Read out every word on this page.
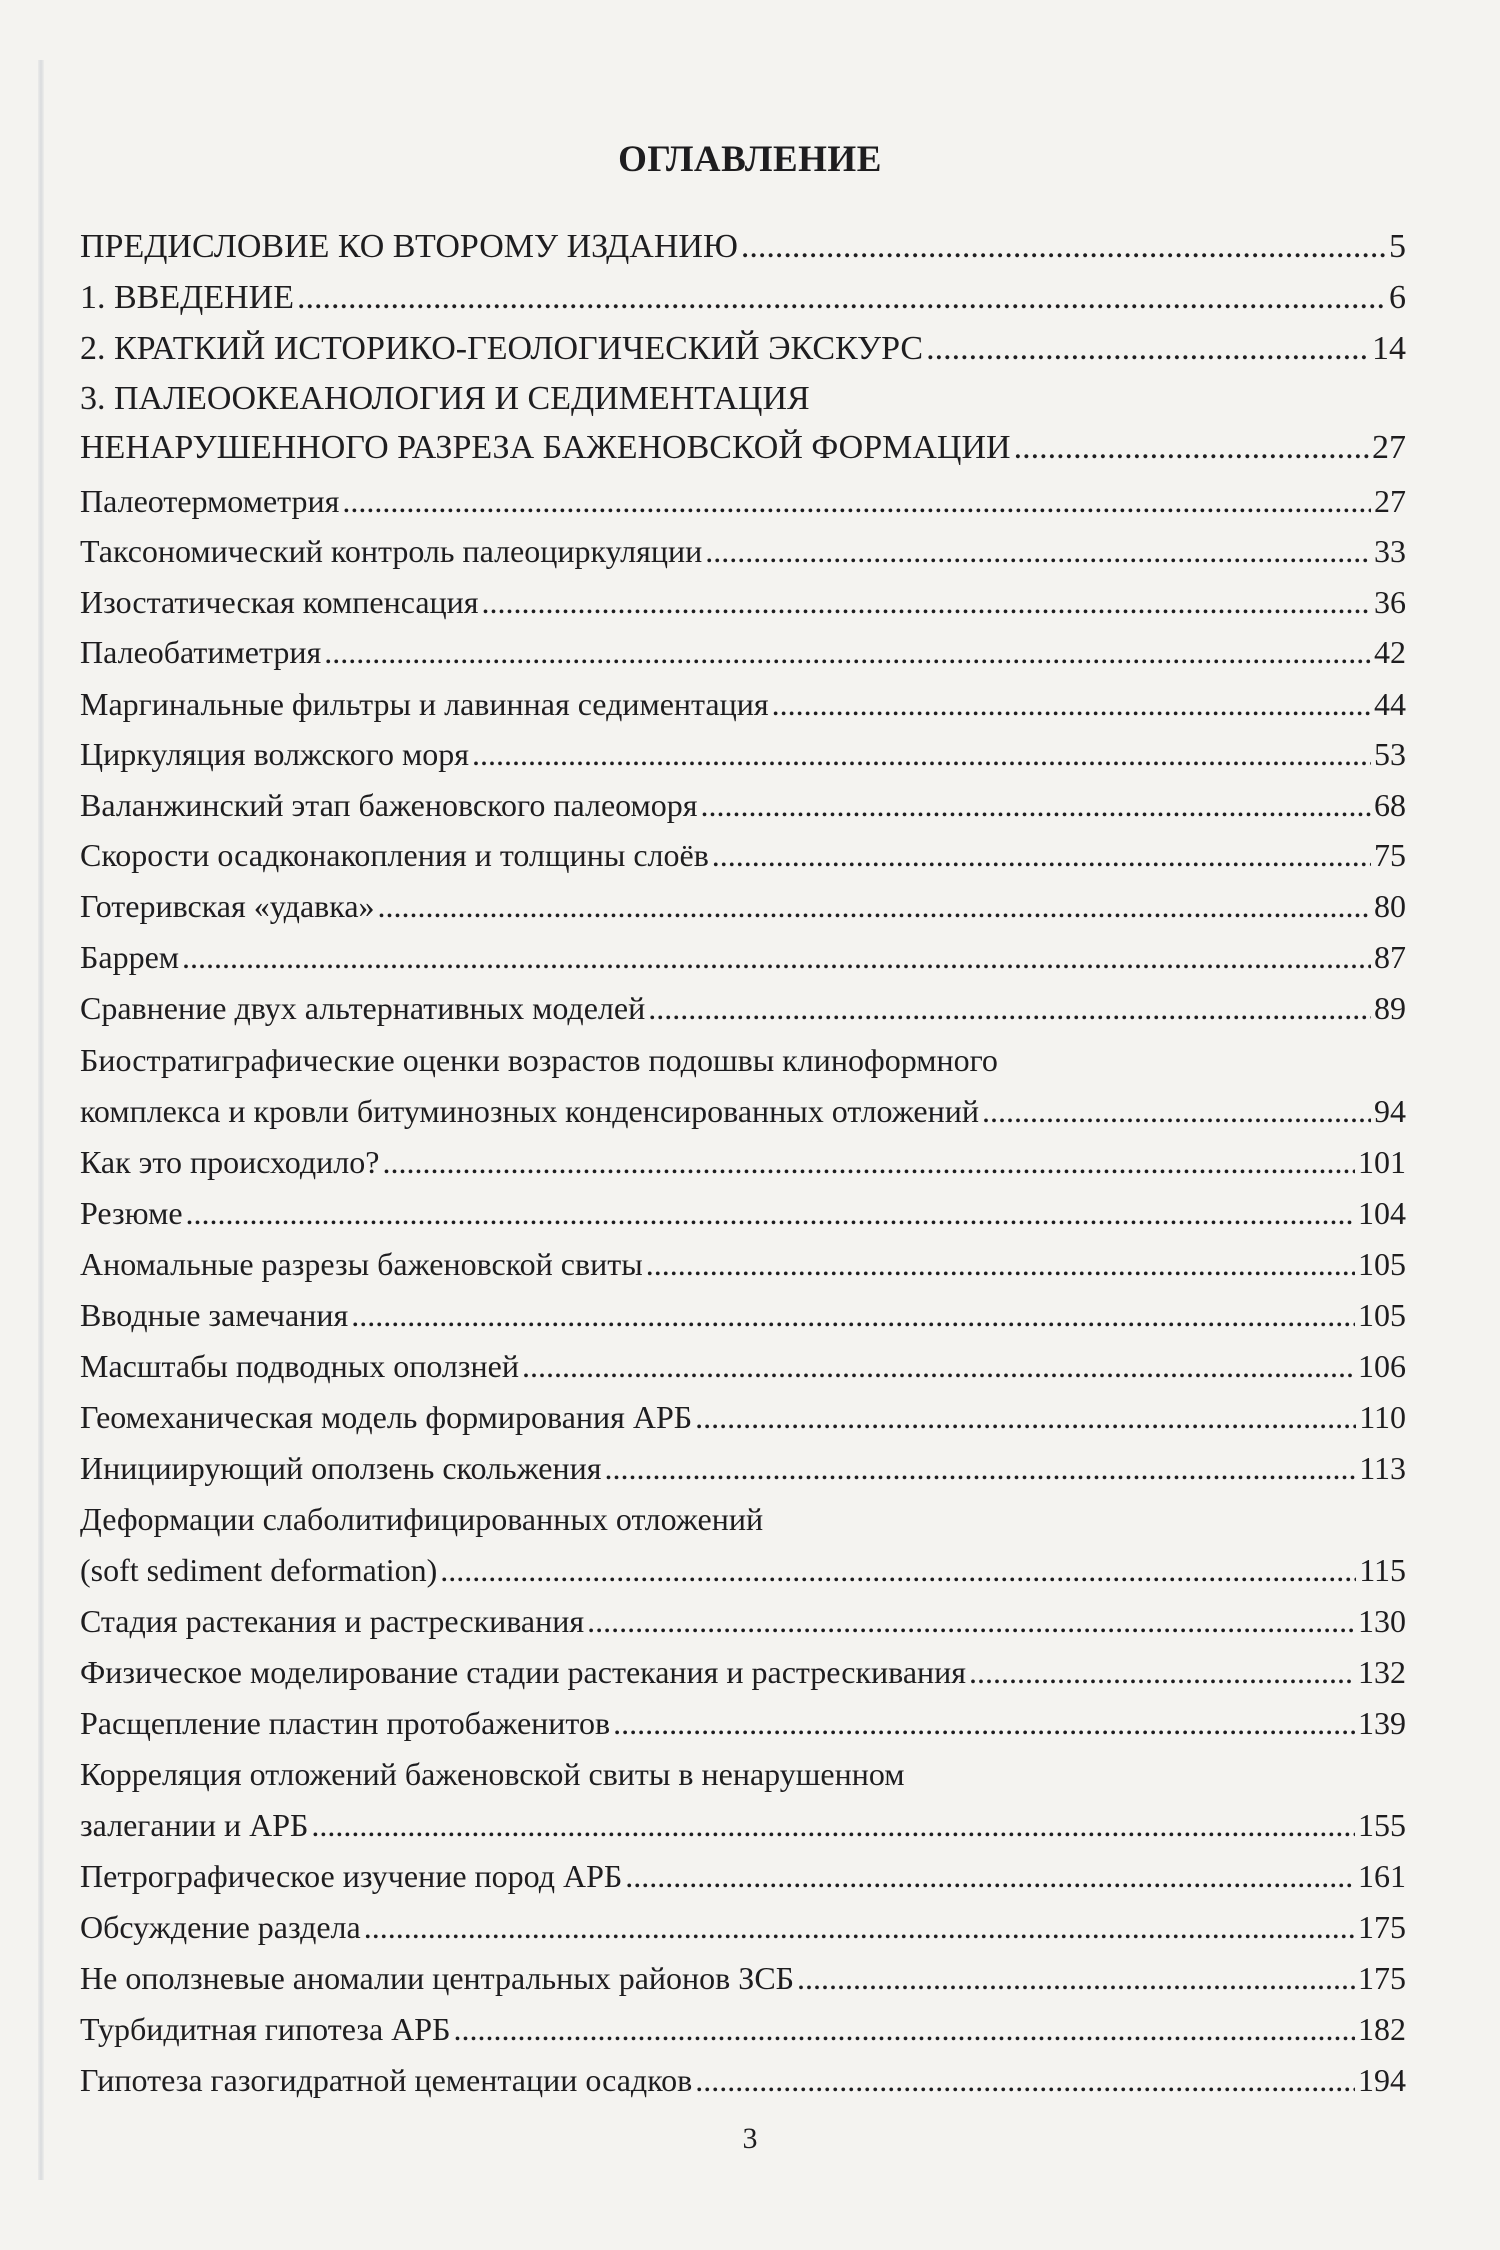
ОГЛАВЛЕНИЕ
ПРЕДИСЛОВИЕ КО ВТОРОМУ ИЗДАНИЮ .....	5
1. ВВЕДЕНИЕ .....	6
2. КРАТКИЙ ИСТОРИКО-ГЕОЛОГИЧЕСКИЙ ЭКСКУРС .....	14
3. ПАЛЕООКЕАНОЛОГИЯ И СЕДИМЕНТАЦИЯ
НЕНАРУШЕННОГО РАЗРЕЗА БАЖЕНОВСКОЙ ФОРМАЦИИ .....	27
Палеотермометрия .....	27
Таксономический контроль палеоциркуляции .....	33
Изостатическая компенсация .....	36
Палеобатиметрия .....	42
Маргинальные фильтры и лавинная седиментация .....	44
Циркуляция волжского моря .....	53
Валанжинский этап баженовского палеоморя .....	68
Скорости осадконакопления и толщины слоёв .....	75
Готеривская «удавка» .....	80
Баррем .....	87
Сравнение двух альтернативных моделей .....	89
Биостратиграфические оценки возрастов подошвы клиноформного
комплекса и кровли битуминозных конденсированных отложений .....	94
Как это происходило? .....	101
Резюме .....	104
Аномальные разрезы баженовской свиты .....	105
Вводные замечания .....	105
Масштабы подводных оползней .....	106
Геомеханическая модель формирования АРБ .....	110
Инициирующий оползень скольжения .....	113
Деформации слаболитифицированных отложений
(soft sediment deformation) .....	115
Стадия растекания и растрескивания .....	130
Физическое моделирование стадии растекания и растрескивания .....	132
Расщепление пластин протобаженитов .....	139
Корреляция отложений баженовской свиты в ненарушенном
залегании и АРБ .....	155
Петрографическое изучение пород АРБ .....	161
Обсуждение раздела .....	175
Не оползневые аномалии центральных районов ЗСБ .....	175
Турбидитная гипотеза АРБ .....	182
Гипотеза газогидратной цементации осадков .....	194
3
